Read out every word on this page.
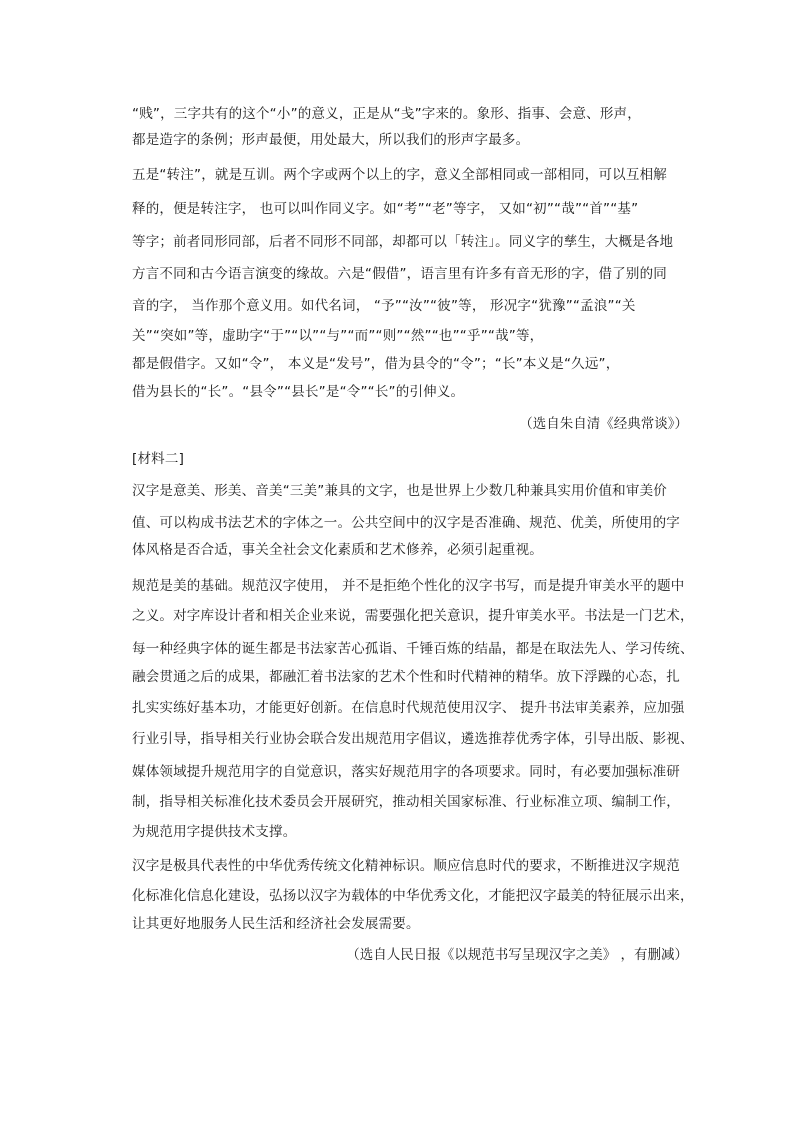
“贱”，三字共有的这个“小”的意义，正是从“戋”字来的。象形、指事、会意、形声，
都是造字的条例；形声最便，用处最大，所以我们的形声字最多。
五是“转注”，就是互训。两个字或两个以上的字，意义全部相同或一部相同，可以互相解
释的，便是转注字， 也可以叫作同义字。如“考”“老”等字， 又如“初”“哉”“首”“基”
等字；前者同形同部，后者不同形不同部，却都可以「转注」。同义字的孳生，大概是各地
方言不同和古今语言演变的缘故。六是“假借”，语言里有许多有音无形的字，借了别的同
音的字， 当作那个意义用。如代名词， “予”“汝”“彼”等， 形况字“犹豫”“孟浪”“关
关”“突如”等，虚助字“于”“以”“与”“而”“则”“然”“也”“乎”“哉”等，
都是假借字。又如“令”， 本义是“发号”，借为县令的“令”；“长”本义是“久远”，
借为县长的“长”。“县令”“县长”是“令”“长”的引伸义。
（选自朱自清《经典常谈》）
[材料二]
汉字是意美、形美、音美“三美”兼具的文字，也是世界上少数几种兼具实用价值和审美价
值、可以构成书法艺术的字体之一。公共空间中的汉字是否准确、规范、优美，所使用的字
体风格是否合适，事关全社会文化素质和艺术修养，必须引起重视。
规范是美的基础。规范汉字使用， 并不是拒绝个性化的汉字书写，而是提升审美水平的题中
之义。对字库设计者和相关企业来说，需要强化把关意识，提升审美水平。书法是一门艺术，
每一种经典字体的诞生都是书法家苦心孤诣、千锤百炼的结晶，都是在取法先人、学习传统、
融会贯通之后的成果，都融汇着书法家的艺术个性和时代精神的精华。放下浮躁的心态，扎
扎实实练好基本功，才能更好创新。在信息时代规范使用汉字、 提升书法审美素养，应加强
行业引导，指导相关行业协会联合发出规范用字倡议，遴选推荐优秀字体，引导出版、影视、
媒体领域提升规范用字的自觉意识，落实好规范用字的各项要求。同时，有必要加强标准研
制，指导相关标准化技术委员会开展研究，推动相关国家标准、行业标准立项、编制工作，
为规范用字提供技术支撑。
汉字是极具代表性的中华优秀传统文化精神标识。顺应信息时代的要求，不断推进汉字规范
化标准化信息化建设，弘扬以汉字为载体的中华优秀文化，才能把汉字最美的特征展示出来，
让其更好地服务人民生活和经济社会发展需要。
（选自人民日报《以规范书写呈现汉字之美》 ，有删减）
